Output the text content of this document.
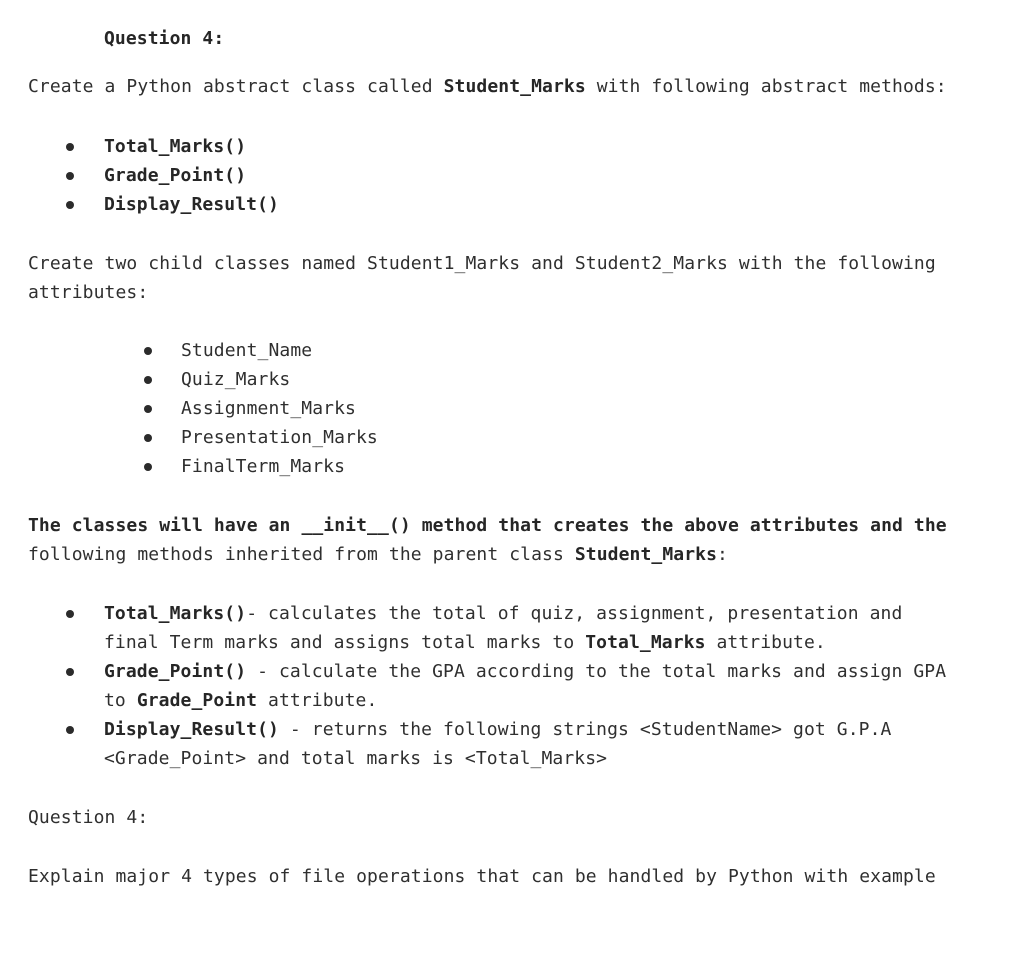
Question 4:
Create a Python abstract class called Student_Marks with following abstract methods:
Total_Marks()
Grade_Point()
Display_Result()
Create two child classes named Student1_Marks and Student2_Marks with the following
attributes:
Student_Name
Quiz_Marks
Assignment_Marks
Presentation_Marks
FinalTerm_Marks
The classes will have an __init__() method that creates the above attributes and the
following methods inherited from the parent class Student_Marks:
Total_Marks()- calculates the total of quiz, assignment, presentation and
final Term marks and assigns total marks to Total_Marks attribute.
Grade_Point() - calculate the GPA according to the total marks and assign GPA
to Grade_Point attribute.
Display_Result() - returns the following strings <StudentName> got G.P.A
<Grade_Point> and total marks is <Total_Marks>
Question 4:
Explain major 4 types of file operations that can be handled by Python with example
